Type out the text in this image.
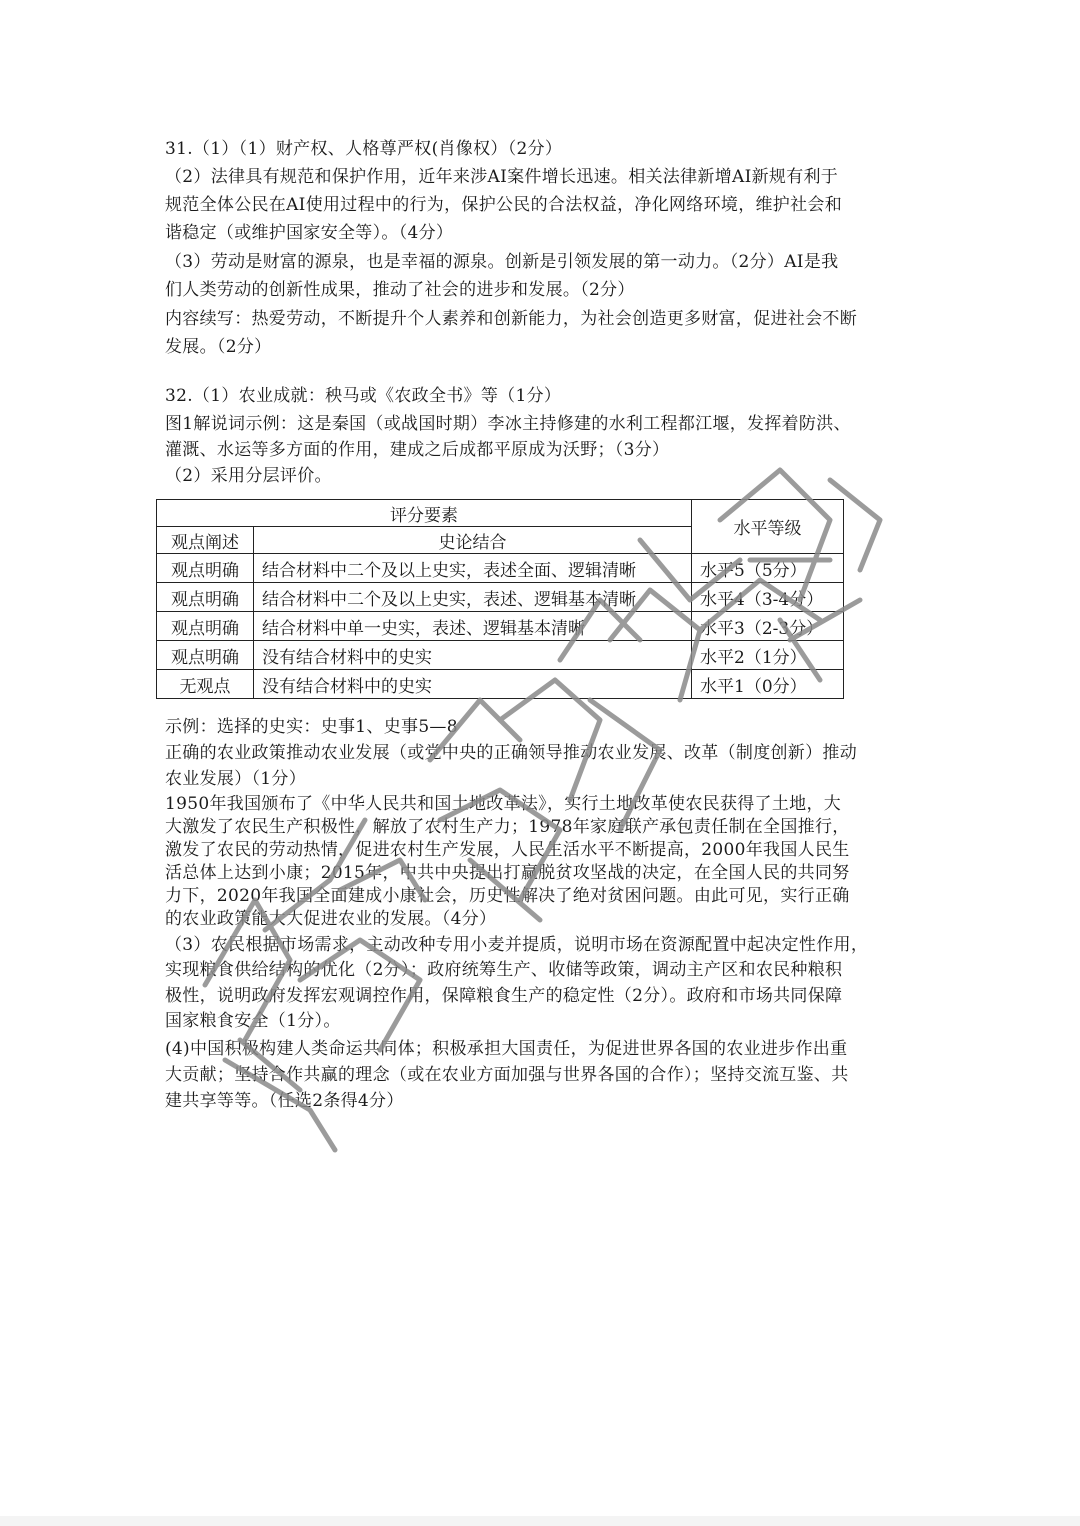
31.（1）（1）财产权、人格尊严权(肖像权）（2分）
（2）法律具有规范和保护作用，近年来涉AI案件增长迅速。相关法律新增AI新规有利于
规范全体公民在AI使用过程中的行为，保护公民的合法权益，净化网络环境，维护社会和
谐稳定（或维护国家安全等）。（4分）
（3）劳动是财富的源泉，也是幸福的源泉。创新是引领发展的第一动力。（2分）AI是我
们人类劳动的创新性成果，推动了社会的进步和发展。（2分）
内容续写：热爱劳动，不断提升个人素养和创新能力，为社会创造更多财富，促进社会不断
发展。（2分）
32.（1）农业成就：秧马或《农政全书》等（1分）
图1解说词示例：这是秦国（或战国时期）李冰主持修建的水利工程都江堰，发挥着防洪、
灌溉、水运等多方面的作用，建成之后成都平原成为沃野；（3分）
（2）采用分层评价。
评分要素		水平等级
观点阐述	史论结合	
观点明确	结合材料中二个及以上史实，表述全面、逻辑清晰	水平5（5分）
观点明确	结合材料中二个及以上史实，表述、逻辑基本清晰	水平4（3-4分）
观点明确	结合材料中单一史实，表述、逻辑基本清晰	水平3（2-3分）
观点明确	没有结合材料中的史实	水平2（1分）
无观点	没有结合材料中的史实	水平1（0分）
示例：选择的史实：史事1、史事5—8
正确的农业政策推动农业发展（或党中央的正确领导推动农业发展、改革（制度创新）推动
农业发展）（1分）
1950年我国颁布了《中华人民共和国土地改革法》，实行土地改革使农民获得了土地，大
大激发了农民生产积极性，解放了农村生产力；1978年家庭联产承包责任制在全国推行，
激发了农民的劳动热情，促进农村生产发展，人民生活水平不断提高，2000年我国人民生
活总体上达到小康；2015年，中共中央提出打赢脱贫攻坚战的决定，在全国人民的共同努
力下，2020年我国全面建成小康社会，历史性解决了绝对贫困问题。由此可见，实行正确
的农业政策能大大促进农业的发展。（4分）
（3）农民根据市场需求，主动改种专用小麦并提质，说明市场在资源配置中起决定性作用，
实现粮食供给结构的优化（2分）；政府统筹生产、收储等政策，调动主产区和农民种粮积
极性，说明政府发挥宏观调控作用，保障粮食生产的稳定性（2分）。政府和市场共同保障
国家粮食安全（1分）。
(4)中国积极构建人类命运共同体；积极承担大国责任，为促进世界各国的农业进步作出重
大贡献；坚持合作共赢的理念（或在农业方面加强与世界各国的合作）；坚持交流互鉴、共
建共享等等。（任选2条得4分）
